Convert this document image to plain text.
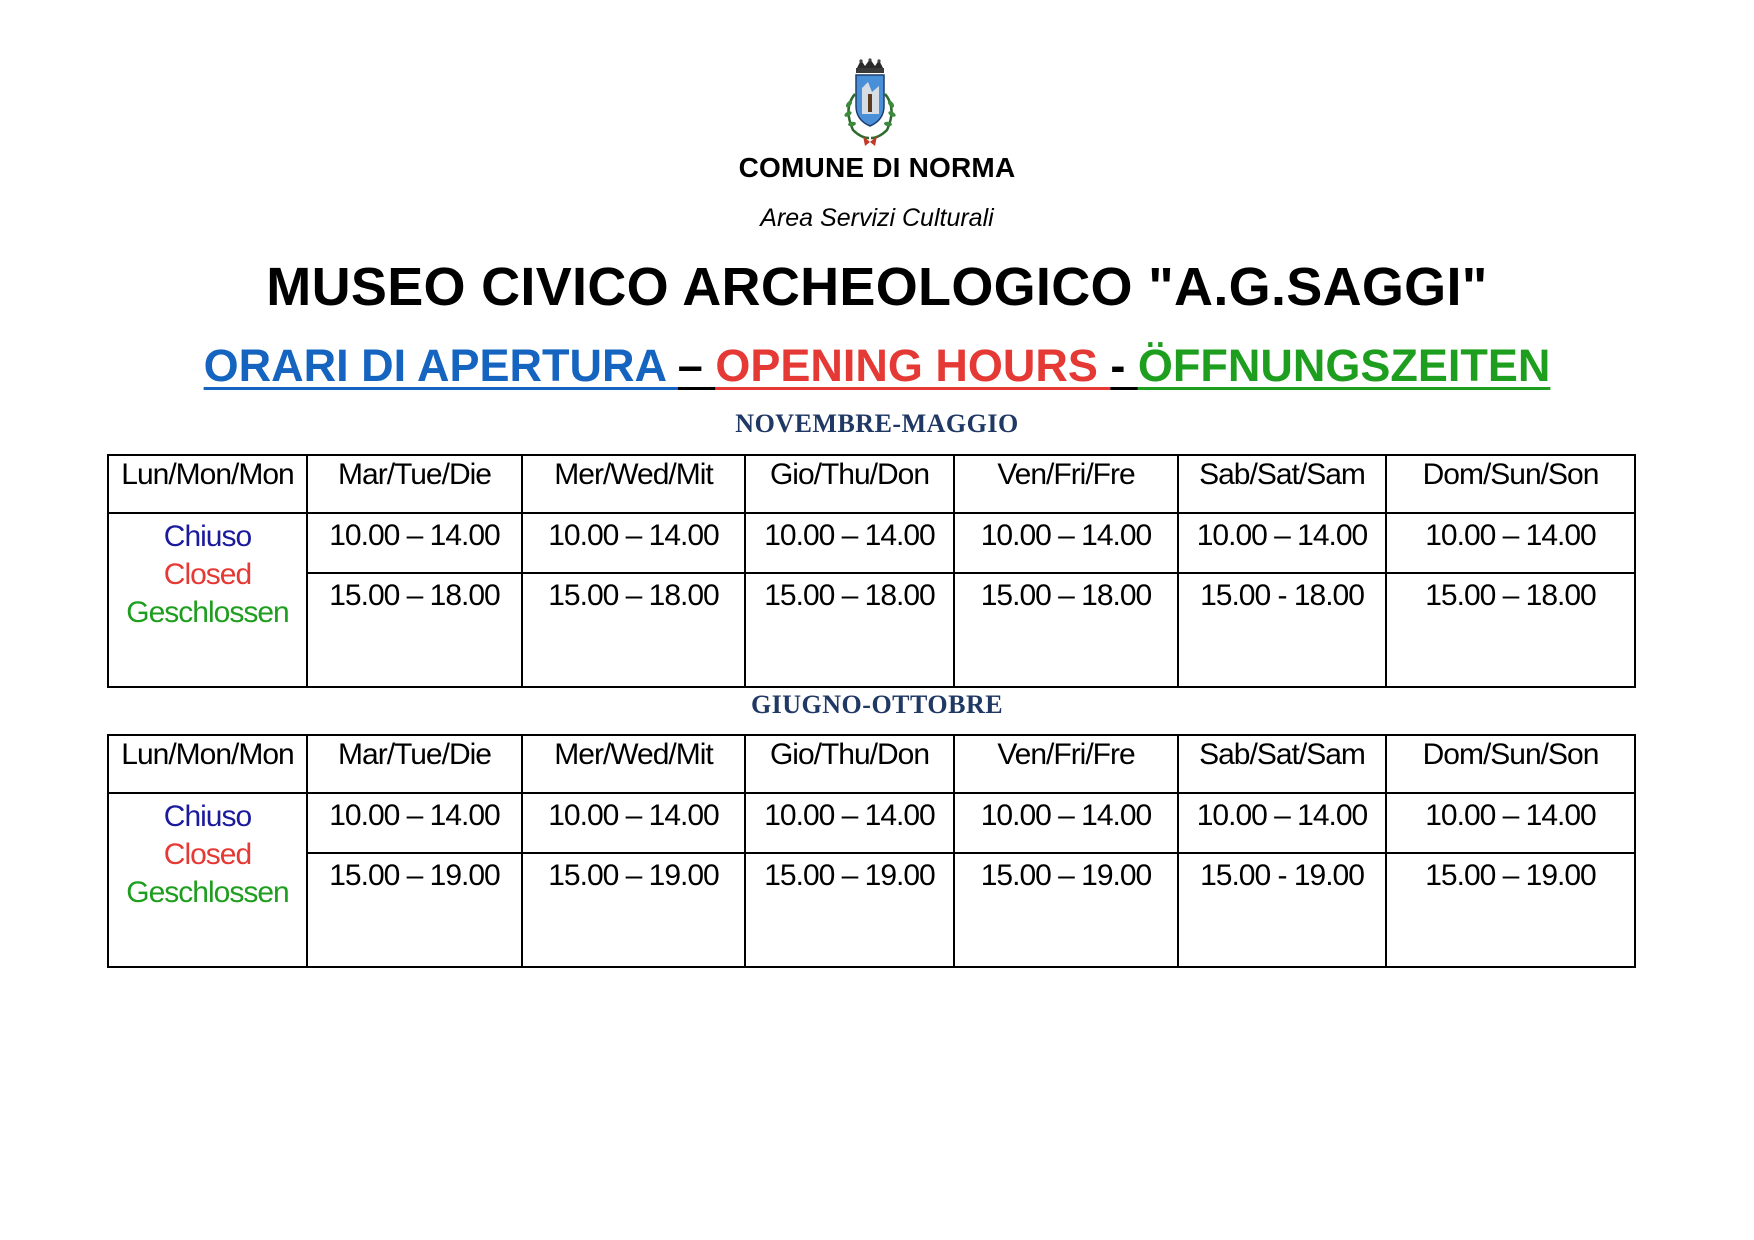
COMUNE DI NORMA
Area Servizi Culturali
MUSEO CIVICO ARCHEOLOGICO "A.G.SAGGI"
ORARI DI APERTURA – OPENING HOURS - ÖFFNUNGSZEITEN
NOVEMBRE-MAGGIO
Lun/Mon/Mon	Mar/Tue/Die	Mer/Wed/Mit	Gio/Thu/Don	Ven/Fri/Fre	Sab/Sat/Sam	Dom/Sun/Son

Chiuso
Closed
Geschlossen	10.00 – 14.00	10.00 – 14.00	10.00 – 14.00	10.00 – 14.00	10.00 – 14.00	10.00 – 14.00
	15.00 – 18.00	15.00 – 18.00	15.00 – 18.00	15.00 – 18.00	15.00 - 18.00	15.00 – 18.00
GIUGNO-OTTOBRE
Lun/Mon/Mon	Mar/Tue/Die	Mer/Wed/Mit	Gio/Thu/Don	Ven/Fri/Fre	Sab/Sat/Sam	Dom/Sun/Son

Chiuso
Closed
Geschlossen	10.00 – 14.00	10.00 – 14.00	10.00 – 14.00	10.00 – 14.00	10.00 – 14.00	10.00 – 14.00
	15.00 – 19.00	15.00 – 19.00	15.00 – 19.00	15.00 – 19.00	15.00 - 19.00	15.00 – 19.00
